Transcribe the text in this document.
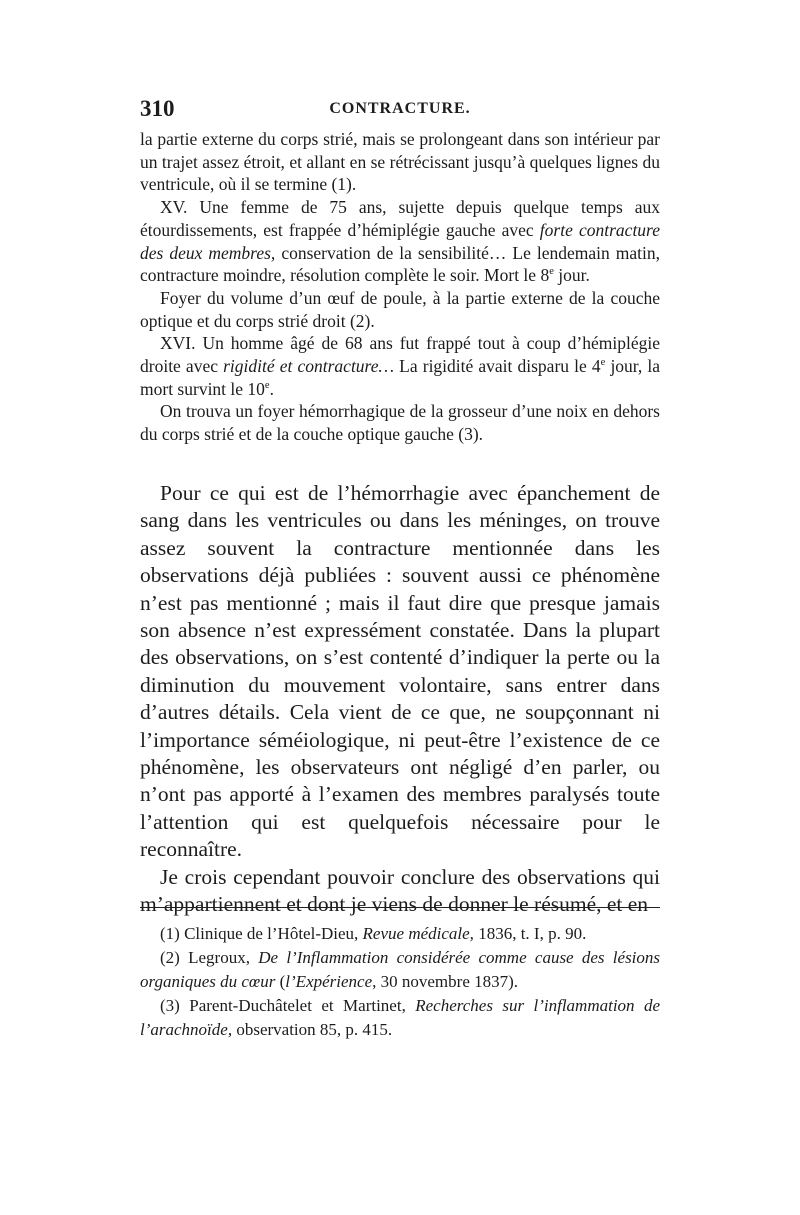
310	CONTRACTURE.

la partie externe du corps strié, mais se prolongeant dans son intérieur par un trajet assez étroit, et allant en se rétrécissant jusqu’à quelques lignes du ventricule, où il se termine (1).

XV. Une femme de 75 ans, sujette depuis quelque temps aux étourdissements, est frappée d’hémiplégie gauche avec forte contracture des deux membres, conservation de la sensibilité… Le lendemain matin, contracture moindre, résolution complète le soir. Mort le 8e jour.

Foyer du volume d’un œuf de poule, à la partie externe de la couche optique et du corps strié droit (2).

XVI. Un homme âgé de 68 ans fut frappé tout à coup d’hémiplégie droite avec rigidité et contracture… La rigidité avait disparu le 4e jour, la mort survint le 10e.

On trouva un foyer hémorrhagique de la grosseur d’une noix en dehors du corps strié et de la couche optique gauche (3).

Pour ce qui est de l’hémorrhagie avec épanchement de sang dans les ventricules ou dans les méninges, on trouve assez souvent la contracture mentionnée dans les observations déjà publiées : souvent aussi ce phénomène n’est pas mentionné ; mais il faut dire que presque jamais son absence n’est expressément constatée. Dans la plupart des observations, on s’est contenté d’indiquer la perte ou la diminution du mouvement volontaire, sans entrer dans d’autres détails. Cela vient de ce que, ne soupçonnant ni l’importance séméiologique, ni peut-être l’existence de ce phénomène, les observateurs ont négligé d’en parler, ou n’ont pas apporté à l’examen des membres paralysés toute l’attention qui est quelquefois nécessaire pour le reconnaître.

Je crois cependant pouvoir conclure des observations qui m’appartiennent et dont je viens de donner le résumé, et en

(1) Clinique de l’Hôtel-Dieu, Revue médicale, 1836, t. I, p. 90.

(2) Legroux, De l’Inflammation considérée comme cause des lésions organiques du cœur (l’Expérience, 30 novembre 1837).

(3) Parent-Duchâtelet et Martinet, Recherches sur l’inflammation de l’arachnoïde, observation 85, p. 415.
